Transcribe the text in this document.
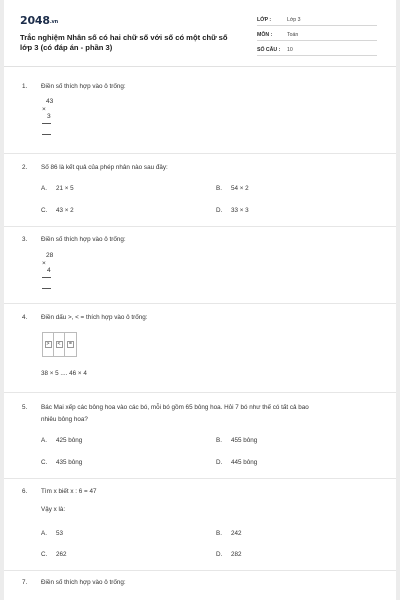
2048.vn
Trắc nghiệm Nhân số có hai chữ số với số có một chữ số lớp 3 (có đáp án - phần 3)
LỚP :	Lớp 3
MÔN :	Toán
SỐ CÂU : 10
1. Điền số thích hợp vào ô trống:
43
×
3
2. Số 86 là kết quả của phép nhân nào sau đây:
A. 21 × 5	B. 54 × 2
C. 43 × 2	D. 33 × 3
3. Điền số thích hợp vào ô trống:
28
×
4
4. Điền dấu >, < = thích hợp vào ô trống:
>	<	=
38 × 5 .... 46 × 4
5. Bác Mai xếp các bông hoa vào các bó, mỗi bó gồm 65 bông hoa. Hỏi 7 bó như thế có tất cả bao
nhiêu bông hoa?
A. 425 bông	B. 455 bông
C. 435 bông	D. 445 bông
6. Tìm x biết x : 6 = 47
Vậy x là:
A. 53	B. 242
C. 262	D. 282
7. Điền số thích hợp vào ô trống:
